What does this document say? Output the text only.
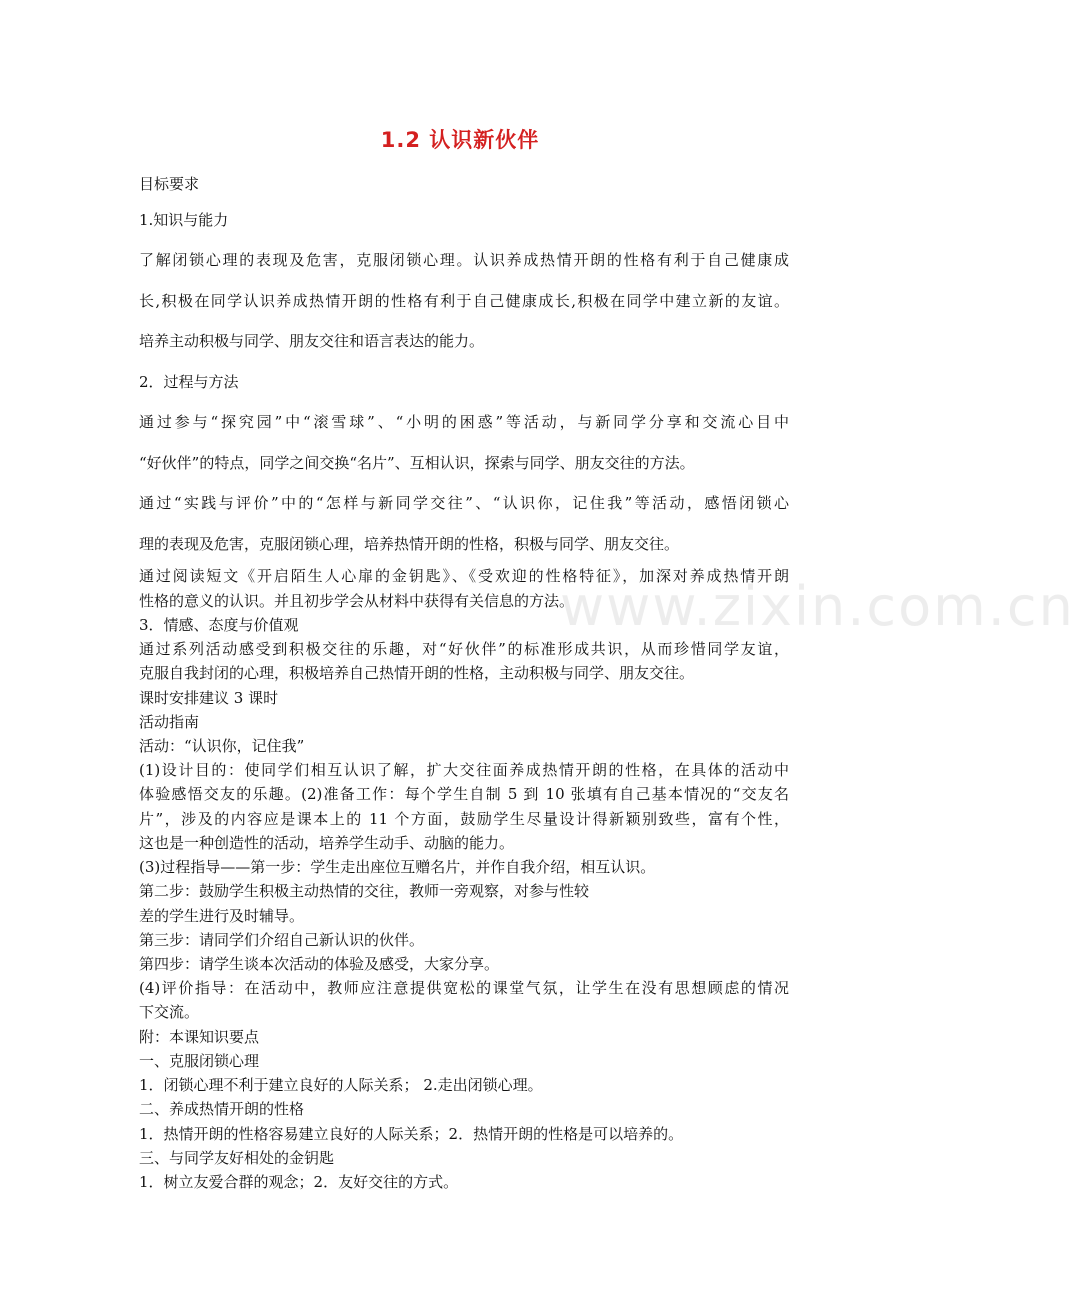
www.zixin.com.cn
1.2 认识新伙伴
目标要求
1.知识与能力
了解闭锁心理的表现及危害，克服闭锁心理。认识养成热情开朗的性格有利于自己健康成
长,积极在同学认识养成热情开朗的性格有利于自己健康成长,积极在同学中建立新的友谊。
培养主动积极与同学、朋友交往和语言表达的能力。
2．过程与方法
通过参与“探究园”中“滚雪球”、“小明的困惑”等活动，与新同学分享和交流心目中
“好伙伴”的特点，同学之间交换“名片”、互相认识，探索与同学、朋友交往的方法。
通过“实践与评价”中的“怎样与新同学交往”、“认识你，记住我”等活动，感悟闭锁心
理的表现及危害，克服闭锁心理，培养热情开朗的性格，积极与同学、朋友交往。
通过阅读短文《开启陌生人心扉的金钥匙》、《受欢迎的性格特征》，加深对养成热情开朗
性格的意义的认识。并且初步学会从材料中获得有关信息的方法。
3．情感、态度与价值观
通过系列活动感受到积极交往的乐趣，对“好伙伴”的标准形成共识，从而珍惜同学友谊，
克服自我封闭的心理，积极培养自己热情开朗的性格，主动积极与同学、朋友交往。
课时安排建议 3 课时
活动指南
活动：“认识你，记住我”
(1)设计目的：使同学们相互认识了解，扩大交往面养成热情开朗的性格，在具体的活动中
体验感悟交友的乐趣。(2)准备工作：每个学生自制 5 到 10 张填有自己基本情况的“交友名
片”，涉及的内容应是课本上的 11 个方面，鼓励学生尽量设计得新颖别致些，富有个性，
这也是一种创造性的活动，培养学生动手、动脑的能力。
(3)过程指导——第一步：学生走出座位互赠名片，并作自我介绍，相互认识。
第二步：鼓励学生积极主动热情的交往，教师一旁观察，对参与性较
差的学生进行及时辅导。
第三步：请同学们介绍自己新认识的伙伴。
第四步：请学生谈本次活动的体验及感受，大家分享。
(4)评价指导：在活动中，教师应注意提供宽松的课堂气氛，让学生在没有思想顾虑的情况
下交流。
附：本课知识要点
一、克服闭锁心理
1．闭锁心理不利于建立良好的人际关系； 2.走出闭锁心理。
二、养成热情开朗的性格
1．热情开朗的性格容易建立良好的人际关系；2．热情开朗的性格是可以培养的。
三、与同学友好相处的金钥匙
1．树立友爱合群的观念；2．友好交往的方式。
